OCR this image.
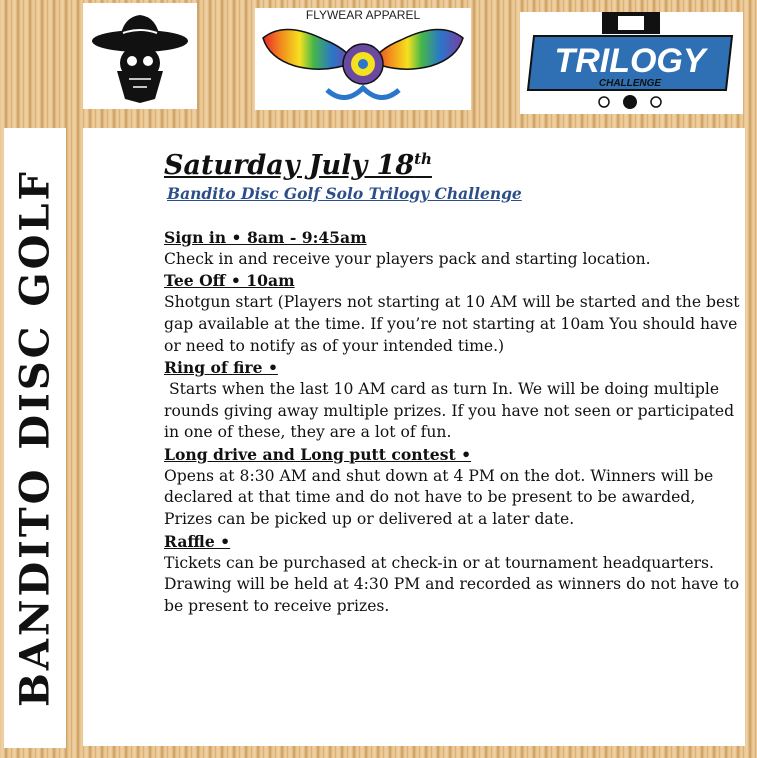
FLYWEAR APPAREL
TRILOGY
CHALLENGE
BANDITO DISC GOLF
Saturday July 18th
Bandito Disc Golf Solo Trilogy Challenge
Sign in • 8am - 9:45am
Check in and receive your players pack and starting location.
Tee Off • 10am
Shotgun start (Players not starting at 10 AM will be started and the best gap available at the time. If you’re not starting at 10am You should have or need to notify as of your intended time.)
Ring of fire •
Starts when the last 10 AM card as turn In. We will be doing multiple rounds giving away multiple prizes. If you have not seen or participated in one of these, they are a lot of fun.
Long drive and Long putt contest •
Opens at 8:30 AM and shut down at 4 PM on the dot. Winners will be declared at that time and do not have to be present to be awarded, Prizes can be picked up or delivered at a later date.
Raffle •
Tickets can be purchased at check-in or at tournament headquarters. Drawing will be held at 4:30 PM and recorded as winners do not have to be present to receive prizes.
